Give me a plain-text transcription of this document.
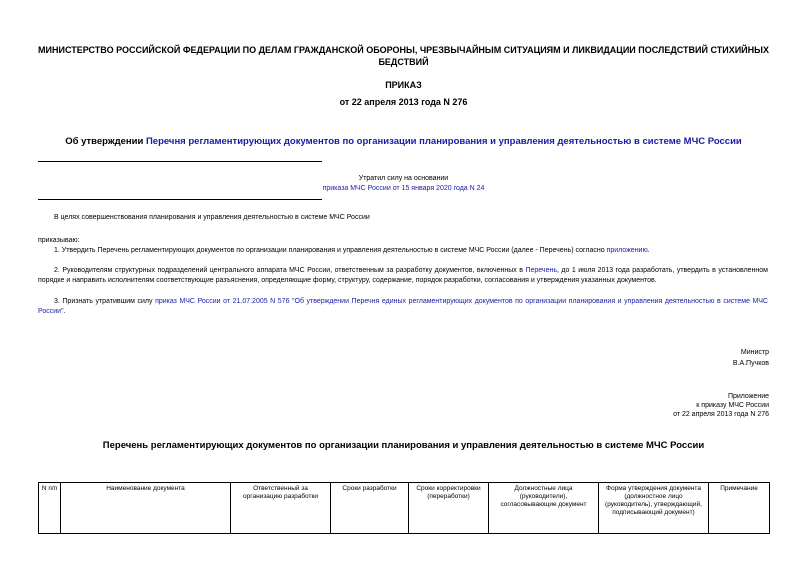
МИНИСТЕРСТВО РОССИЙСКОЙ ФЕДЕРАЦИИ ПО ДЕЛАМ ГРАЖДАНСКОЙ ОБОРОНЫ, ЧРЕЗВЫЧАЙНЫМ СИТУАЦИЯМ И ЛИКВИДАЦИИ ПОСЛЕДСТВИЙ СТИХИЙНЫХ БЕДСТВИЙ
ПРИКАЗ
от 22 апреля 2013 года N 276
Об утверждении Перечня регламентирующих документов по организации планирования и управления деятельностью в системе МЧС России
Утратил силу на основании
приказа МЧС России от 15 января 2020 года N 24
В целях совершенствования планирования и управления деятельностью в системе МЧС России
приказываю:
1. Утвердить Перечень регламентирующих документов по организации планирования и управления деятельностью в системе МЧС России (далее - Перечень) согласно приложению.
2. Руководителям структурных подразделений центрального аппарата МЧС России, ответственным за разработку документов, включенных в Перечень, до 1 июля 2013 года разработать, утвердить в установленном порядке и направить исполнителям соответствующие разъяснения, определяющие форму, структуру, содержание, порядок разработки, согласования и утверждения указанных документов.
3. Признать утратившим силу приказ МЧС России от 21.07.2005 N 576 "Об утверждении Перечня единых регламентирующих документов по организации планирования и управления деятельностью в системе МЧС России".
Министр
В.А.Пучков
Приложение
к приказу МЧС России
от 22 апреля 2013 года N 276
Перечень регламентирующих документов по организации планирования и управления деятельностью в системе МЧС России
N п/п	Наименование документа	Ответственный за организацию разработки	Сроки разработки	Сроки корректировки (переработки)	Должностные лица (руководители), согласовывающие документ	Форма утверждения документа (должностное лицо (руководитель), утверждающий, подписывающий документ)	Примечание
